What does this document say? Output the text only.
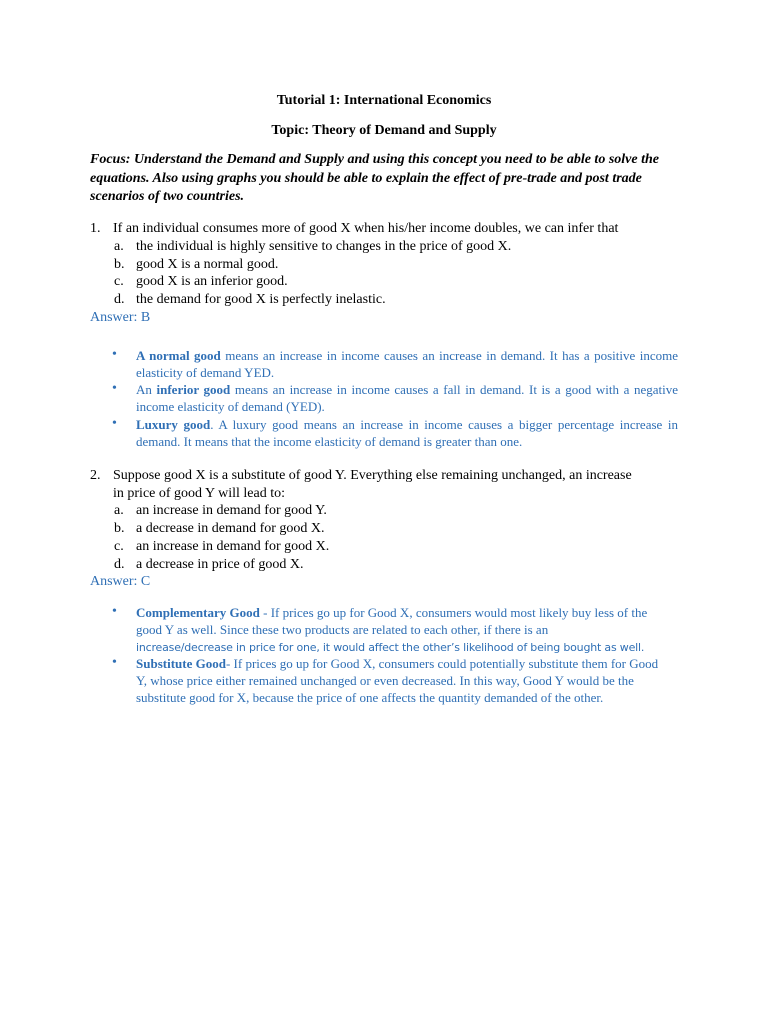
Tutorial 1: International Economics
Topic: Theory of Demand and Supply
Focus: Understand the Demand and Supply and using this concept you need to be able to solve the equations. Also using graphs you should be able to explain the effect of pre-trade and post trade scenarios of two countries.
1. If an individual consumes more of good X when his/her income doubles, we can infer that
a. the individual is highly sensitive to changes in the price of good X.
b. good X is a normal good.
c. good X is an inferior good.
d. the demand for good X is perfectly inelastic.
Answer: B
•	A normal good means an increase in income causes an increase in demand. It has a positive income elasticity of demand YED.
•	An inferior good means an increase in income causes a fall in demand. It is a good with a negative income elasticity of demand (YED).
•	Luxury good. A luxury good means an increase in income causes a bigger percentage increase in demand. It means that the income elasticity of demand is greater than one.
2. Suppose good X is a substitute of good Y. Everything else remaining unchanged, an increase
in price of good Y will lead to:
a. an increase in demand for good Y.
b. a decrease in demand for good X.
c. an increase in demand for good X.
d. a decrease in price of good X.
Answer: C
•	Complementary Good - If prices go up for Good X, consumers would most likely buy less of the good Y as well. Since these two products are related to each other, if there is an
increase/decrease in price for one, it would affect the other’s likelihood of being bought as well.
•	Substitute Good- If prices go up for Good X, consumers could potentially substitute them for Good Y, whose price either remained unchanged or even decreased. In this way, Good Y would be the substitute good for X, because the price of one affects the quantity demanded of the other.
